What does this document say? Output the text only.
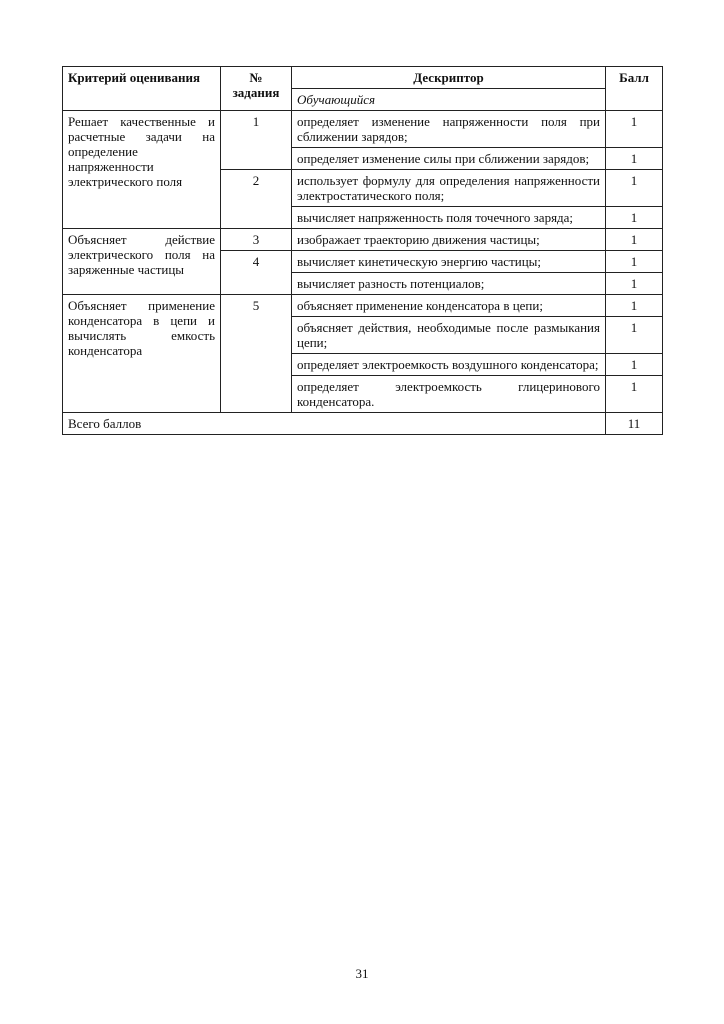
Критерий оценивания	№ задания	Дескриптор	Балл
		Обучающийся	
Решает качественные и расчетные задачи на определение напряженности электрического поля	1	определяет изменение напряженности поля при сближении зарядов;	1
		определяет изменение силы при сближении зарядов;	1
	2	использует формулу для определения напряженности электростатического поля;	1
		вычисляет напряженность поля точечного заряда;	1
Объясняет действие электрического поля на заряженные частицы	3	изображает траекторию движения частицы;	1
	4	вычисляет кинетическую энергию частицы;	1
		вычисляет разность потенциалов;	1
Объясняет применение конденсатора в цепи и вычислять емкость конденсатора	5	объясняет применение конденсатора в цепи;	1
		объясняет действия, необходимые после размыкания цепи;	1
		определяет электроемкость воздушного конденсатора;	1
		определяет электроемкость глицеринового конденсатора.	1
Всего баллов			11
31
